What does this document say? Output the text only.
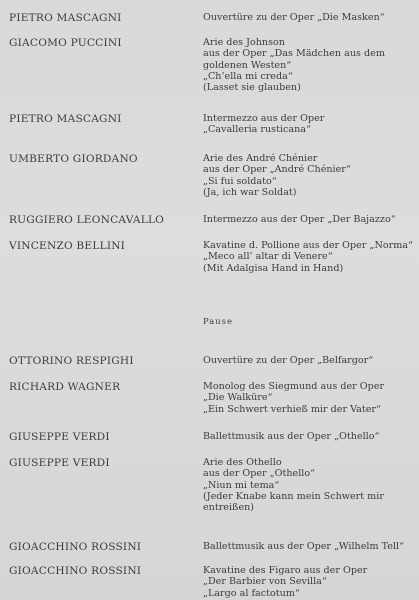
PIETRO MASCAGNI	Ouvertüre zu der Oper „Die Masken“
GIACOMO PUCCINI	Arie des Johnson
aus der Oper „Das Mädchen aus dem
goldenen Westen“
„Ch’ella mi creda“
(Lasset sie glauben)
PIETRO MASCAGNI	Intermezzo aus der Oper
„Cavalleria rusticana“
UMBERTO GIORDANO	Arie des André Chénier
aus der Oper „André Chénier“
„Si fui soldato“
(Ja, ich war Soldat)
RUGGIERO LEONCAVALLO	Intermezzo aus der Oper „Der Bajazzo“
VINCENZO BELLINI	Kavatine d. Pollione aus der Oper „Norma“
„Meco all’ altar di Venere“
(Mit Adalgisa Hand in Hand)
Pause
OTTORINO RESPIGHI	Ouvertüre zu der Oper „Belfargor“
RICHARD WAGNER	Monolog des Siegmund aus der Oper
„Die Walküre“
„Ein Schwert verhieß mir der Vater“
GIUSEPPE VERDI	Ballettmusik aus der Oper „Othello“
GIUSEPPE VERDI	Arie des Othello
aus der Oper „Othello“
„Niun mi tema“
(Jeder Knabe kann mein Schwert mir
entreißen)
GIOACCHINO ROSSINI	Ballettmusik aus der Oper „Wilhelm Tell“
GIOACCHINO ROSSINI	Kavatine des Figaro aus der Oper
„Der Barbier von Sevilla“
„Largo al factotum“
